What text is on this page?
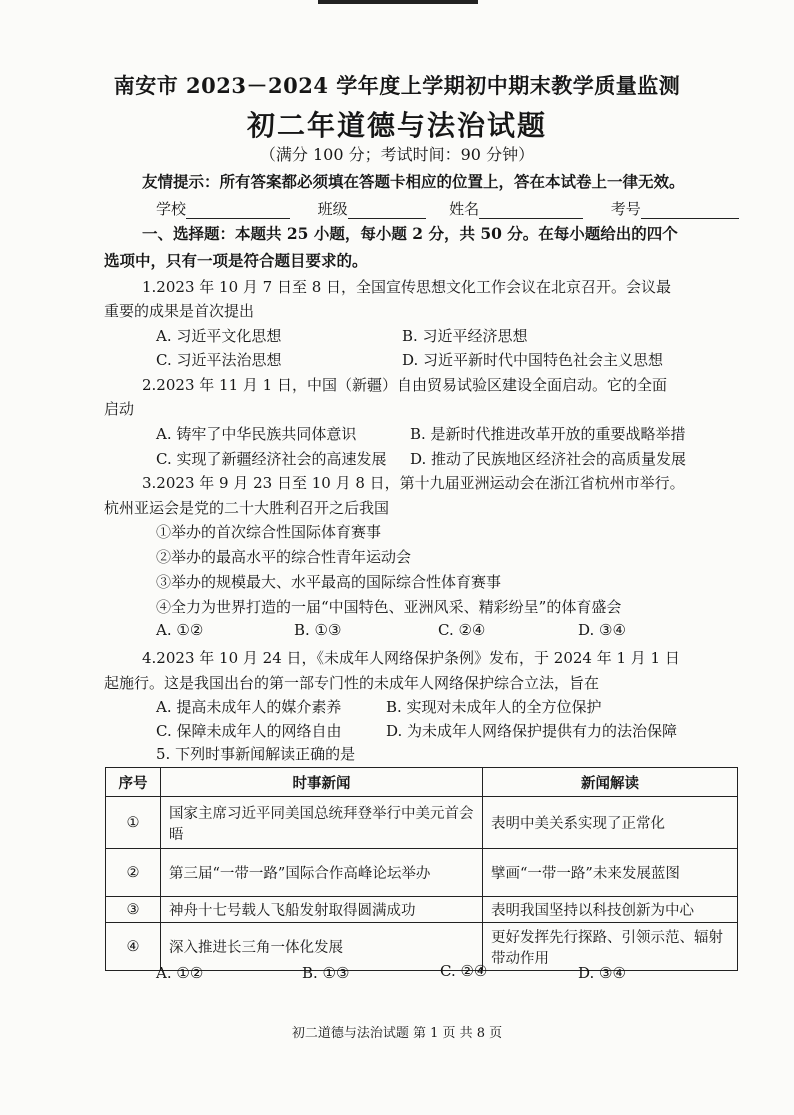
南安市 2023－2024 学年度上学期初中期末教学质量监测
初二年道德与法治试题
（满分 100 分；考试时间：90 分钟）
友情提示：所有答案都必须填在答题卡相应的位置上，答在本试卷上一律无效。
学校	班级	姓名	考号
一、选择题：本题共 25 小题，每小题 2 分，共 50 分。在每小题给出的四个
选项中，只有一项是符合题目要求的。
1.2023 年 10 月 7 日至 8 日，全国宣传思想文化工作会议在北京召开。会议最
重要的成果是首次提出
A. 习近平文化思想	B. 习近平经济思想
C. 习近平法治思想	D. 习近平新时代中国特色社会主义思想
2.2023 年 11 月 1 日，中国（新疆）自由贸易试验区建设全面启动。它的全面
启动
A. 铸牢了中华民族共同体意识	B. 是新时代推进改革开放的重要战略举措
C. 实现了新疆经济社会的高速发展 D. 推动了民族地区经济社会的高质量发展
3.2023 年 9 月 23 日至 10 月 8 日，第十九届亚洲运动会在浙江省杭州市举行。
杭州亚运会是党的二十大胜利召开之后我国
①举办的首次综合性国际体育赛事
②举办的最高水平的综合性青年运动会
③举办的规模最大、水平最高的国际综合性体育赛事
④全力为世界打造的一届“中国特色、亚洲风采、精彩纷呈”的体育盛会
A. ①②	B. ①③	C. ②④	D. ③④
4.2023 年 10 月 24 日，《未成年人网络保护条例》发布，于 2024 年 1 月 1 日
起施行。这是我国出台的第一部专门性的未成年人网络保护综合立法，旨在
A. 提高未成年人的媒介素养	B. 实现对未成年人的全方位保护
C. 保障未成年人的网络自由	D. 为未成年人网络保护提供有力的法治保障
5. 下列时事新闻解读正确的是
序号	时事新闻	新闻解读
①	国家主席习近平同美国总统拜登举行中美元首会晤	表明中美关系实现了正常化
②	第三届“一带一路”国际合作高峰论坛举办	擘画“一带一路”未来发展蓝图
③	神舟十七号载人飞船发射取得圆满成功	表明我国坚持以科技创新为中心
④	深入推进长三角一体化发展	更好发挥先行探路、引领示范、辐射带动作用
A. ①②	B. ①③	C. ②④	D. ③④
初二道德与法治试题 第 1 页 共 8 页
